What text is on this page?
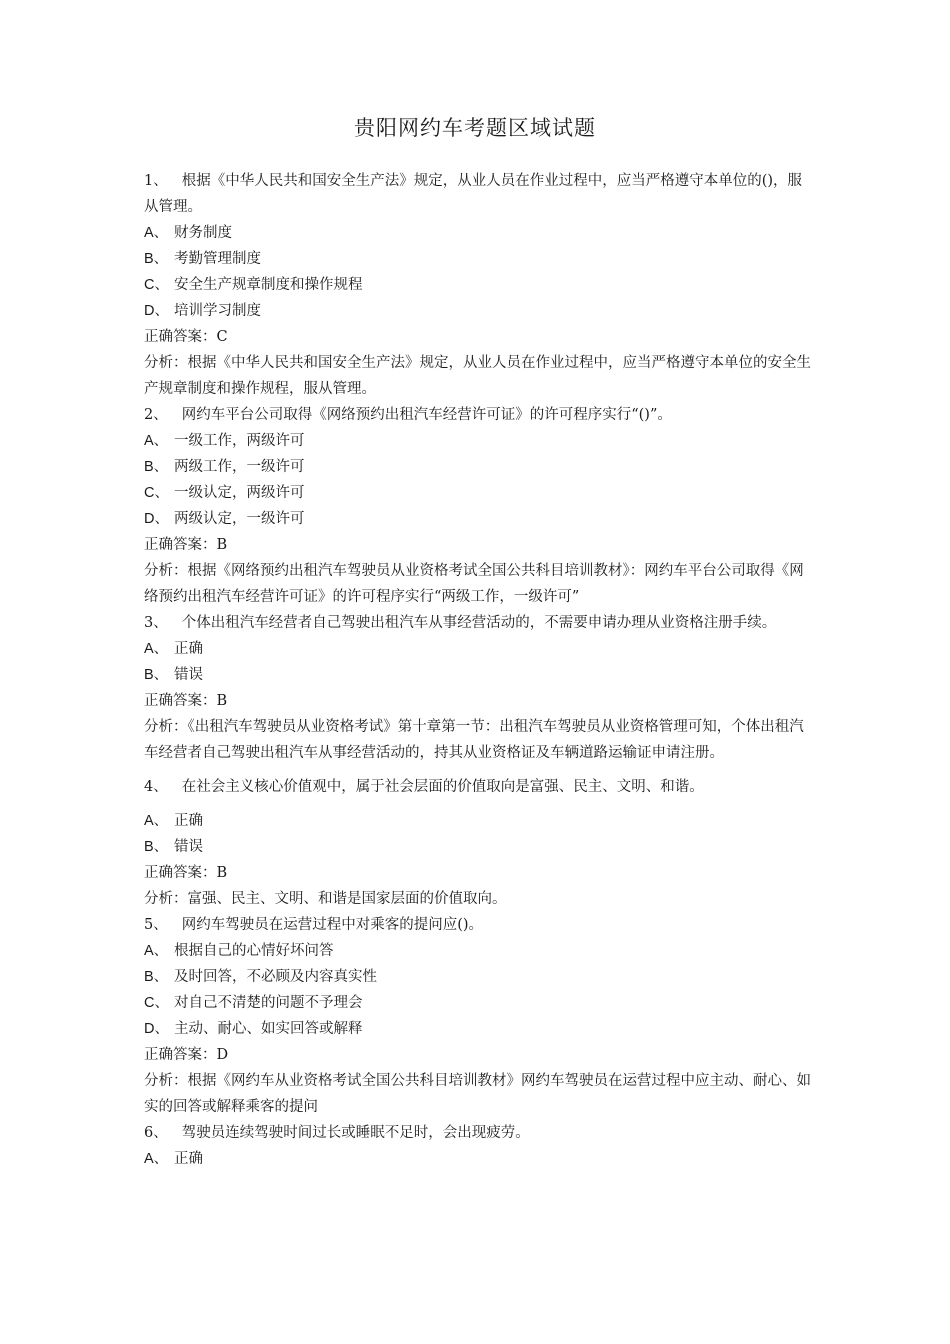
贵阳网约车考题区域试题
1、 根据《中华人民共和国安全生产法》规定，从业人员在作业过程中，应当严格遵守本单位的()，服从管理。
A、 财务制度
B、 考勤管理制度
C、 安全生产规章制度和操作规程
D、 培训学习制度
正确答案：C
分析：根据《中华人民共和国安全生产法》规定，从业人员在作业过程中，应当严格遵守本单位的安全生产规章制度和操作规程，服从管理。
2、 网约车平台公司取得《网络预约出租汽车经营许可证》的许可程序实行“()”。
A、 一级工作，两级许可
B、 两级工作，一级许可
C、 一级认定，两级许可
D、 两级认定，一级许可
正确答案：B
分析：根据《网络预约出租汽车驾驶员从业资格考试全国公共科目培训教材》：网约车平台公司取得《网络预约出租汽车经营许可证》的许可程序实行“两级工作，一级许可”
3、 个体出租汽车经营者自己驾驶出租汽车从事经营活动的，不需要申请办理从业资格注册手续。
A、 正确
B、 错误
正确答案：B
分析：《出租汽车驾驶员从业资格考试》第十章第一节：出租汽车驾驶员从业资格管理可知，个体出租汽车经营者自己驾驶出租汽车从事经营活动的，持其从业资格证及车辆道路运输证申请注册。
4、 在社会主义核心价值观中，属于社会层面的价值取向是富强、民主、文明、和谐。
A、 正确
B、 错误
正确答案：B
分析：富强、民主、文明、和谐是国家层面的价值取向。
5、 网约车驾驶员在运营过程中对乘客的提问应()。
A、 根据自己的心情好坏问答
B、 及时回答，不必顾及内容真实性
C、 对自己不清楚的问题不予理会
D、 主动、耐心、如实回答或解释
正确答案：D
分析：根据《网约车从业资格考试全国公共科目培训教材》网约车驾驶员在运营过程中应主动、耐心、如实的回答或解释乘客的提问
6、 驾驶员连续驾驶时间过长或睡眠不足时，会出现疲劳。
A、 正确
